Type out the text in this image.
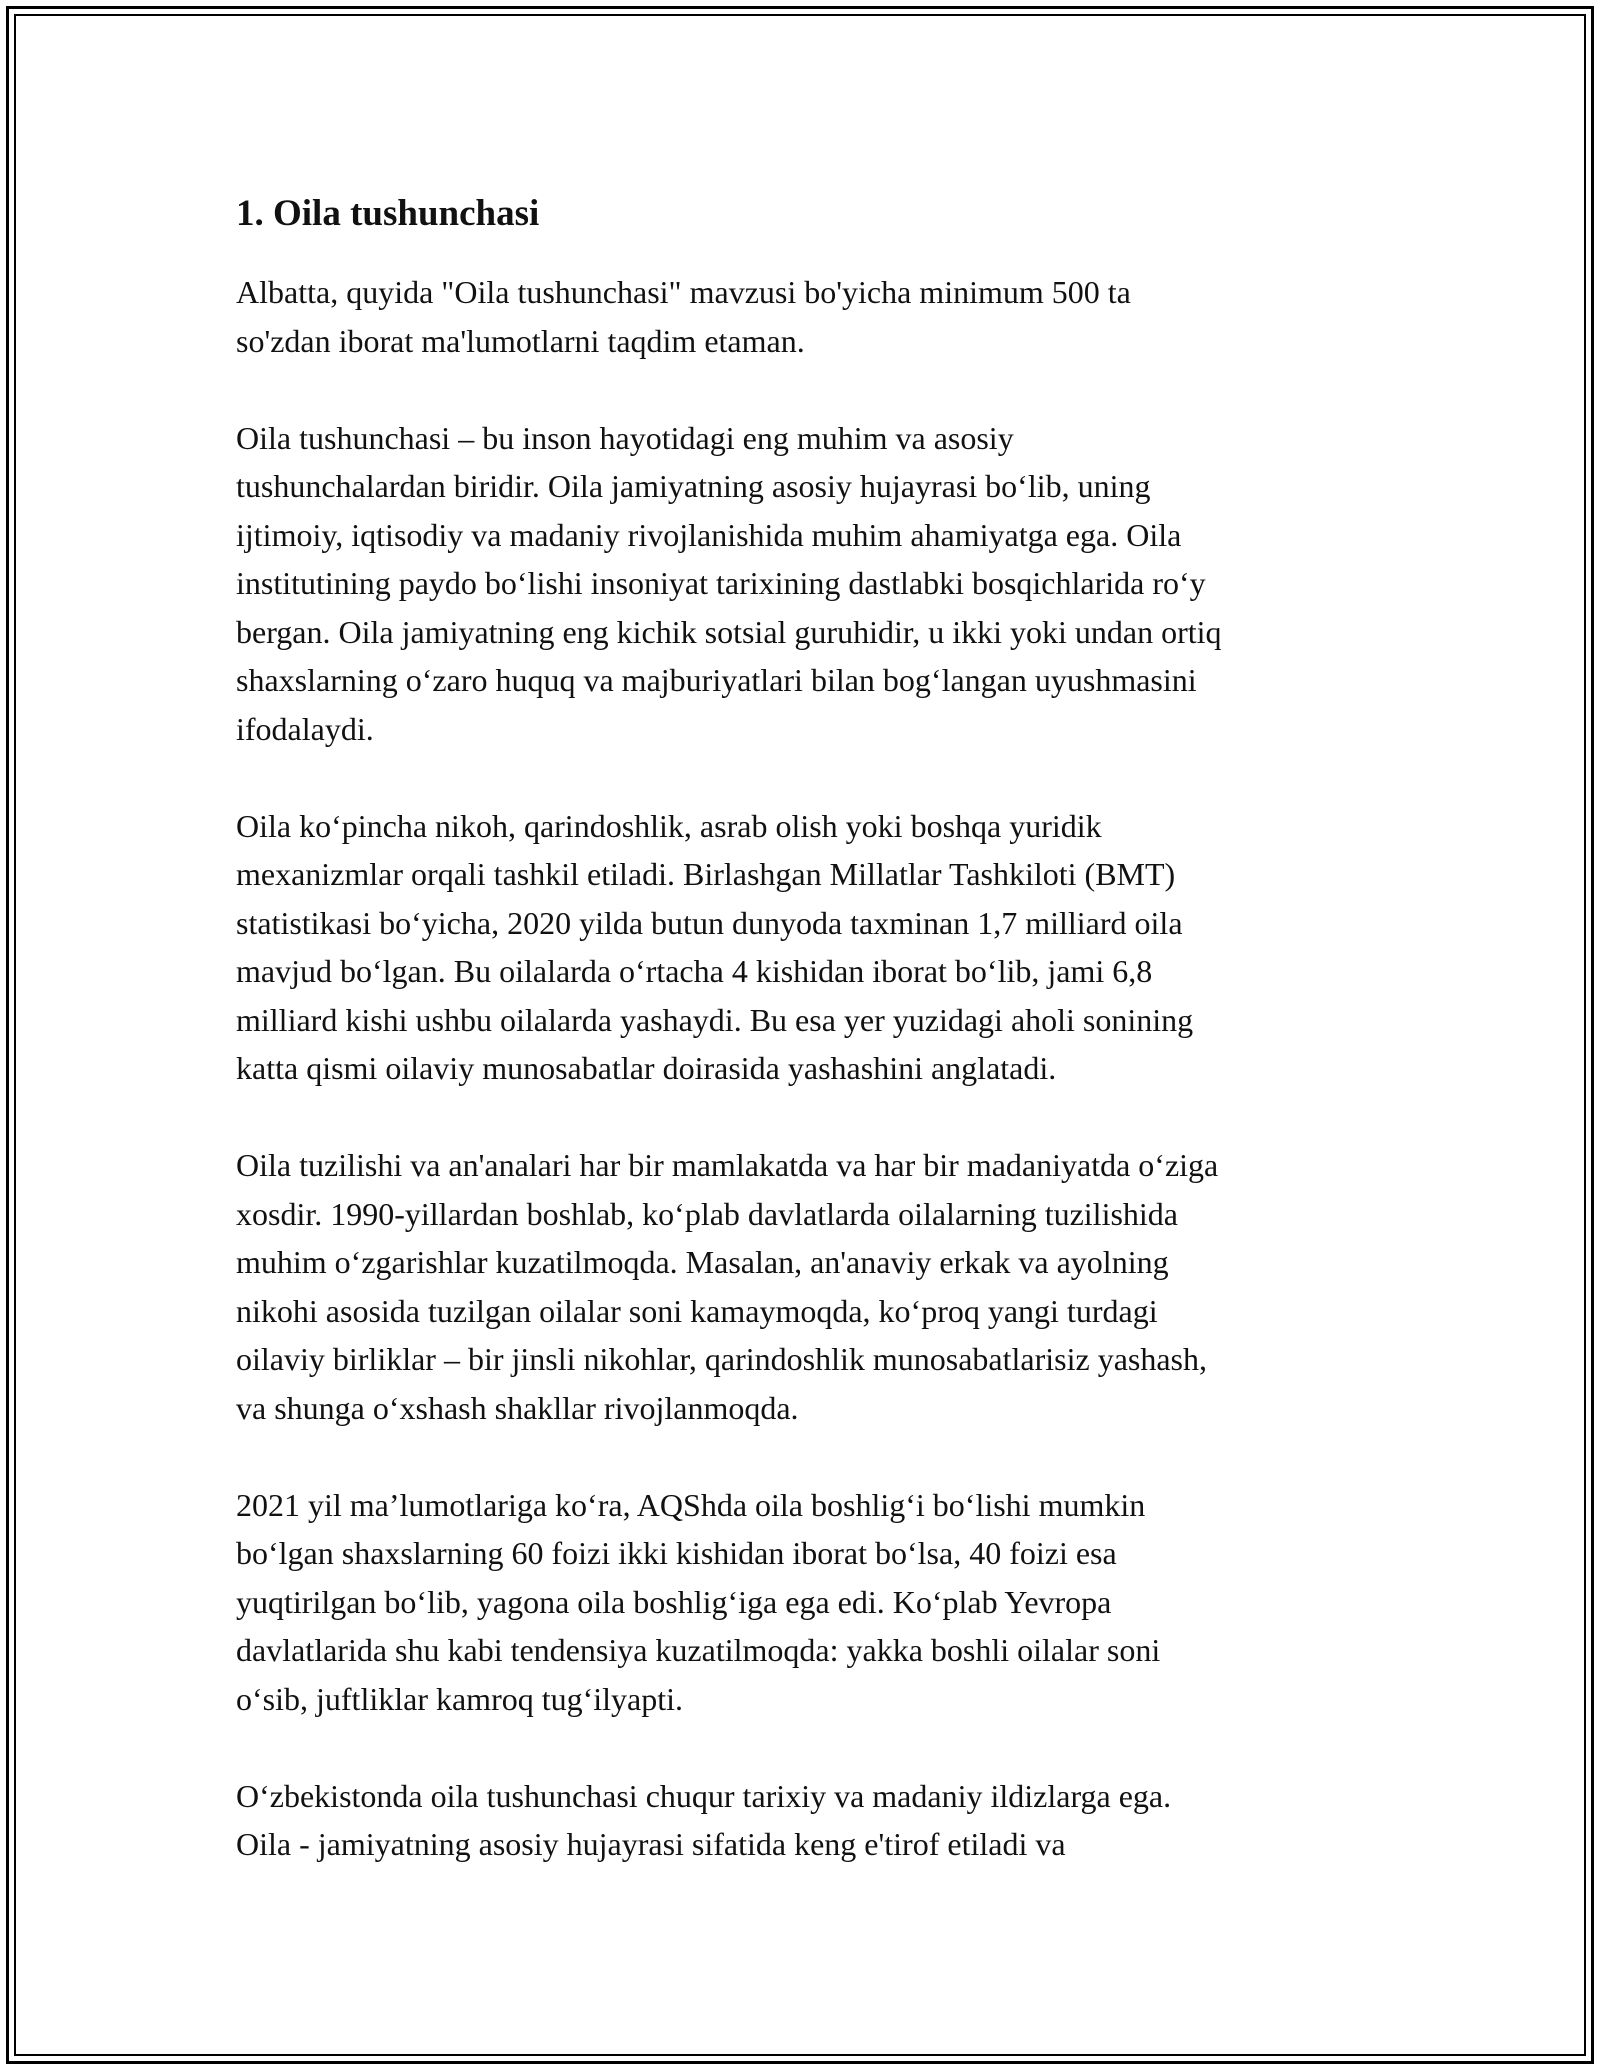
1. Oila tushunchasi

Albatta, quyida "Oila tushunchasi" mavzusi bo'yicha minimum 500 ta
so'zdan iborat ma'lumotlarni taqdim etaman.

Oila tushunchasi – bu inson hayotidagi eng muhim va asosiy
tushunchalardan biridir. Oila jamiyatning asosiy hujayrasi bo‘lib, uning
ijtimoiy, iqtisodiy va madaniy rivojlanishida muhim ahamiyatga ega. Oila
institutining paydo bo‘lishi insoniyat tarixining dastlabki bosqichlarida ro‘y
bergan. Oila jamiyatning eng kichik sotsial guruhidir, u ikki yoki undan ortiq
shaxslarning o‘zaro huquq va majburiyatlari bilan bog‘langan uyushmasini
ifodalaydi.

Oila ko‘pincha nikoh, qarindoshlik, asrab olish yoki boshqa yuridik
mexanizmlar orqali tashkil etiladi. Birlashgan Millatlar Tashkiloti (BMT)
statistikasi bo‘yicha, 2020 yilda butun dunyoda taxminan 1,7 milliard oila
mavjud bo‘lgan. Bu oilalarda o‘rtacha 4 kishidan iborat bo‘lib, jami 6,8
milliard kishi ushbu oilalarda yashaydi. Bu esa yer yuzidagi aholi sonining
katta qismi oilaviy munosabatlar doirasida yashashini anglatadi.

Oila tuzilishi va an'analari har bir mamlakatda va har bir madaniyatda o‘ziga
xosdir. 1990-yillardan boshlab, ko‘plab davlatlarda oilalarning tuzilishida
muhim o‘zgarishlar kuzatilmoqda. Masalan, an'anaviy erkak va ayolning
nikohi asosida tuzilgan oilalar soni kamaymoqda, ko‘proq yangi turdagi
oilaviy birliklar – bir jinsli nikohlar, qarindoshlik munosabatlarisiz yashash,
va shunga o‘xshash shakllar rivojlanmoqda.

2021 yil ma’lumotlariga ko‘ra, AQShda oila boshlig‘i bo‘lishi mumkin
bo‘lgan shaxslarning 60 foizi ikki kishidan iborat bo‘lsa, 40 foizi esa
yuqtirilgan bo‘lib, yagona oila boshlig‘iga ega edi. Ko‘plab Yevropa
davlatlarida shu kabi tendensiya kuzatilmoqda: yakka boshli oilalar soni
o‘sib, juftliklar kamroq tug‘ilyapti.

O‘zbekistonda oila tushunchasi chuqur tarixiy va madaniy ildizlarga ega.
Oila - jamiyatning asosiy hujayrasi sifatida keng e'tirof etiladi va
